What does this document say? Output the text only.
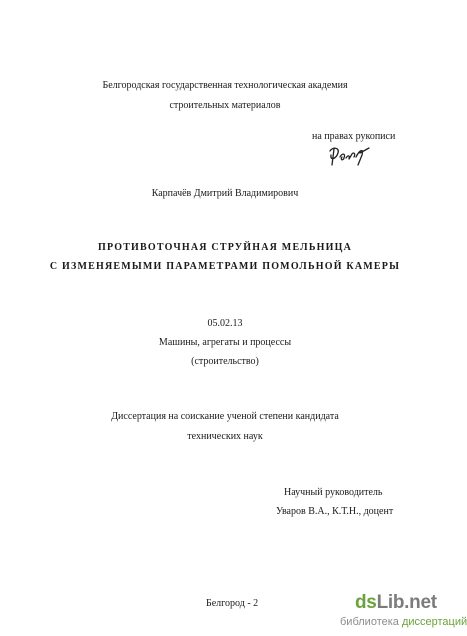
Белгородская государственная технологическая академия
строительных материалов
на правах рукописи
Карпачёв Дмитрий Владимирович
ПРОТИВОТОЧНАЯ СТРУЙНАЯ МЕЛЬНИЦА
С ИЗМЕНЯЕМЫМИ ПАРАМЕТРАМИ ПОМОЛЬНОЙ КАМЕРЫ
05.02.13
Машины, агрегаты и процессы
(строительство)
Диссертация на соискание ученой степени кандидата
технических наук
Научный руководитель
Уваров В.А., К.Т.Н., доцент
Белгород - 2	dsLib.net
библиотека диссертаций
